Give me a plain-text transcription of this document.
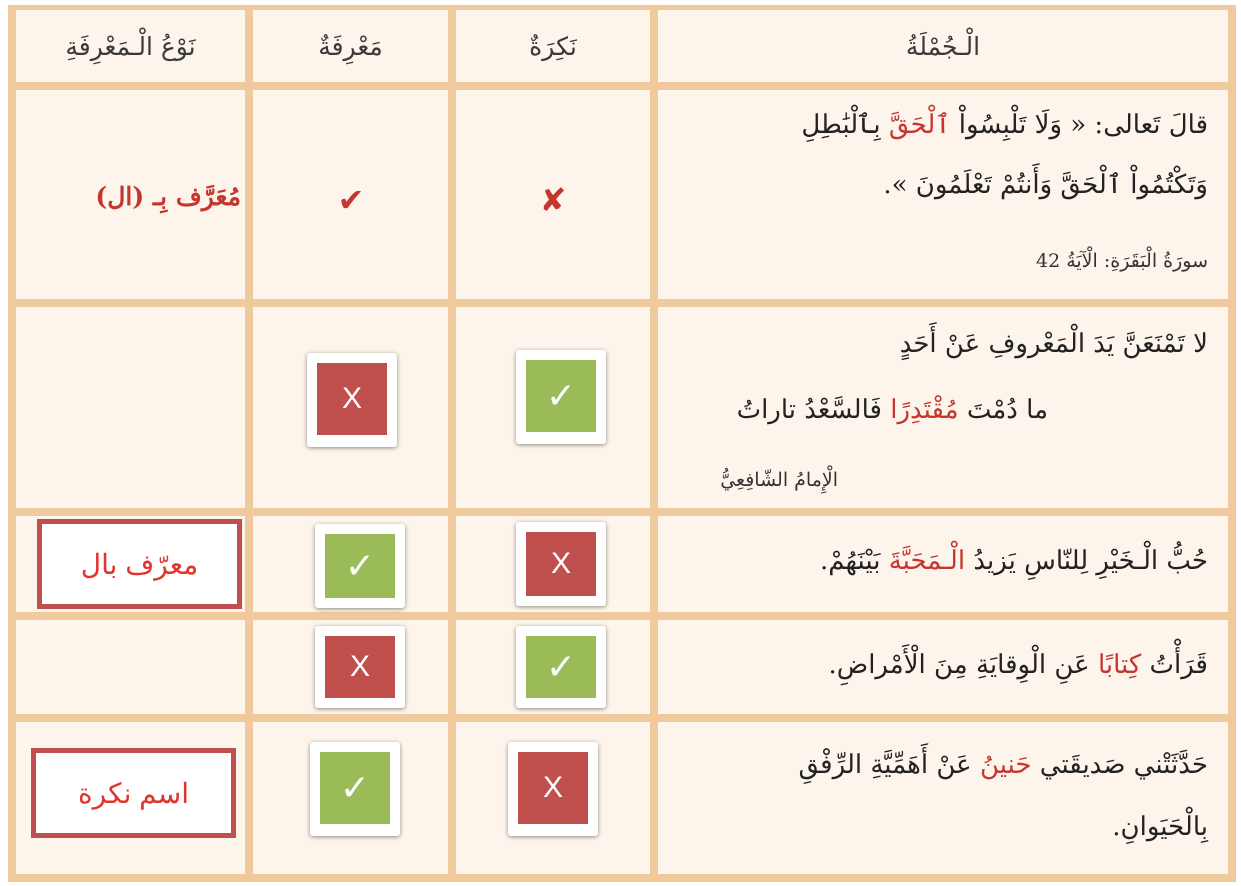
الْـجُمْلَةُ
نَكِرَةٌ
مَعْرِفَةٌ
نَوْعُ الْـمَعْرِفَةِ
قالَ تَعالى: « وَلَا تَلْبِسُواْ ٱلْحَقَّ بِٱلْبَٰطِلِ
وَتَكْتُمُواْ ٱلْحَقَّ وَأَنتُمْ تَعْلَمُونَ ».
سورَةُ الْبَقَرَةِ: الْآيَةُ 42
✘
✔
مُعَرَّف بِـ (ال)
لا تَمْنَعَنَّ يَدَ الْمَعْروفِ عَنْ أَحَدٍ
ما دُمْتَ مُقْتَدِرًا فَالسَّعْدُ تاراتُ
الْإِمامُ الشّافِعِيُّ
✓
X
حُبُّ الْـخَيْرِ لِلنّاسِ يَزيدُ الْـمَحَبَّةَ بَيْنَهُمْ.
X
✓
معرّف بال
قَرَأْتُ كِتابًا عَنِ الْوِقايَةِ مِنَ الْأَمْراضِ.
✓
X
حَدَّثَتْني صَديقَتي حَنينُ عَنْ أَهَمِّيَّةِ الرِّفْقِ
بِالْحَيَوانِ.
X
✓
اسم نكرة
